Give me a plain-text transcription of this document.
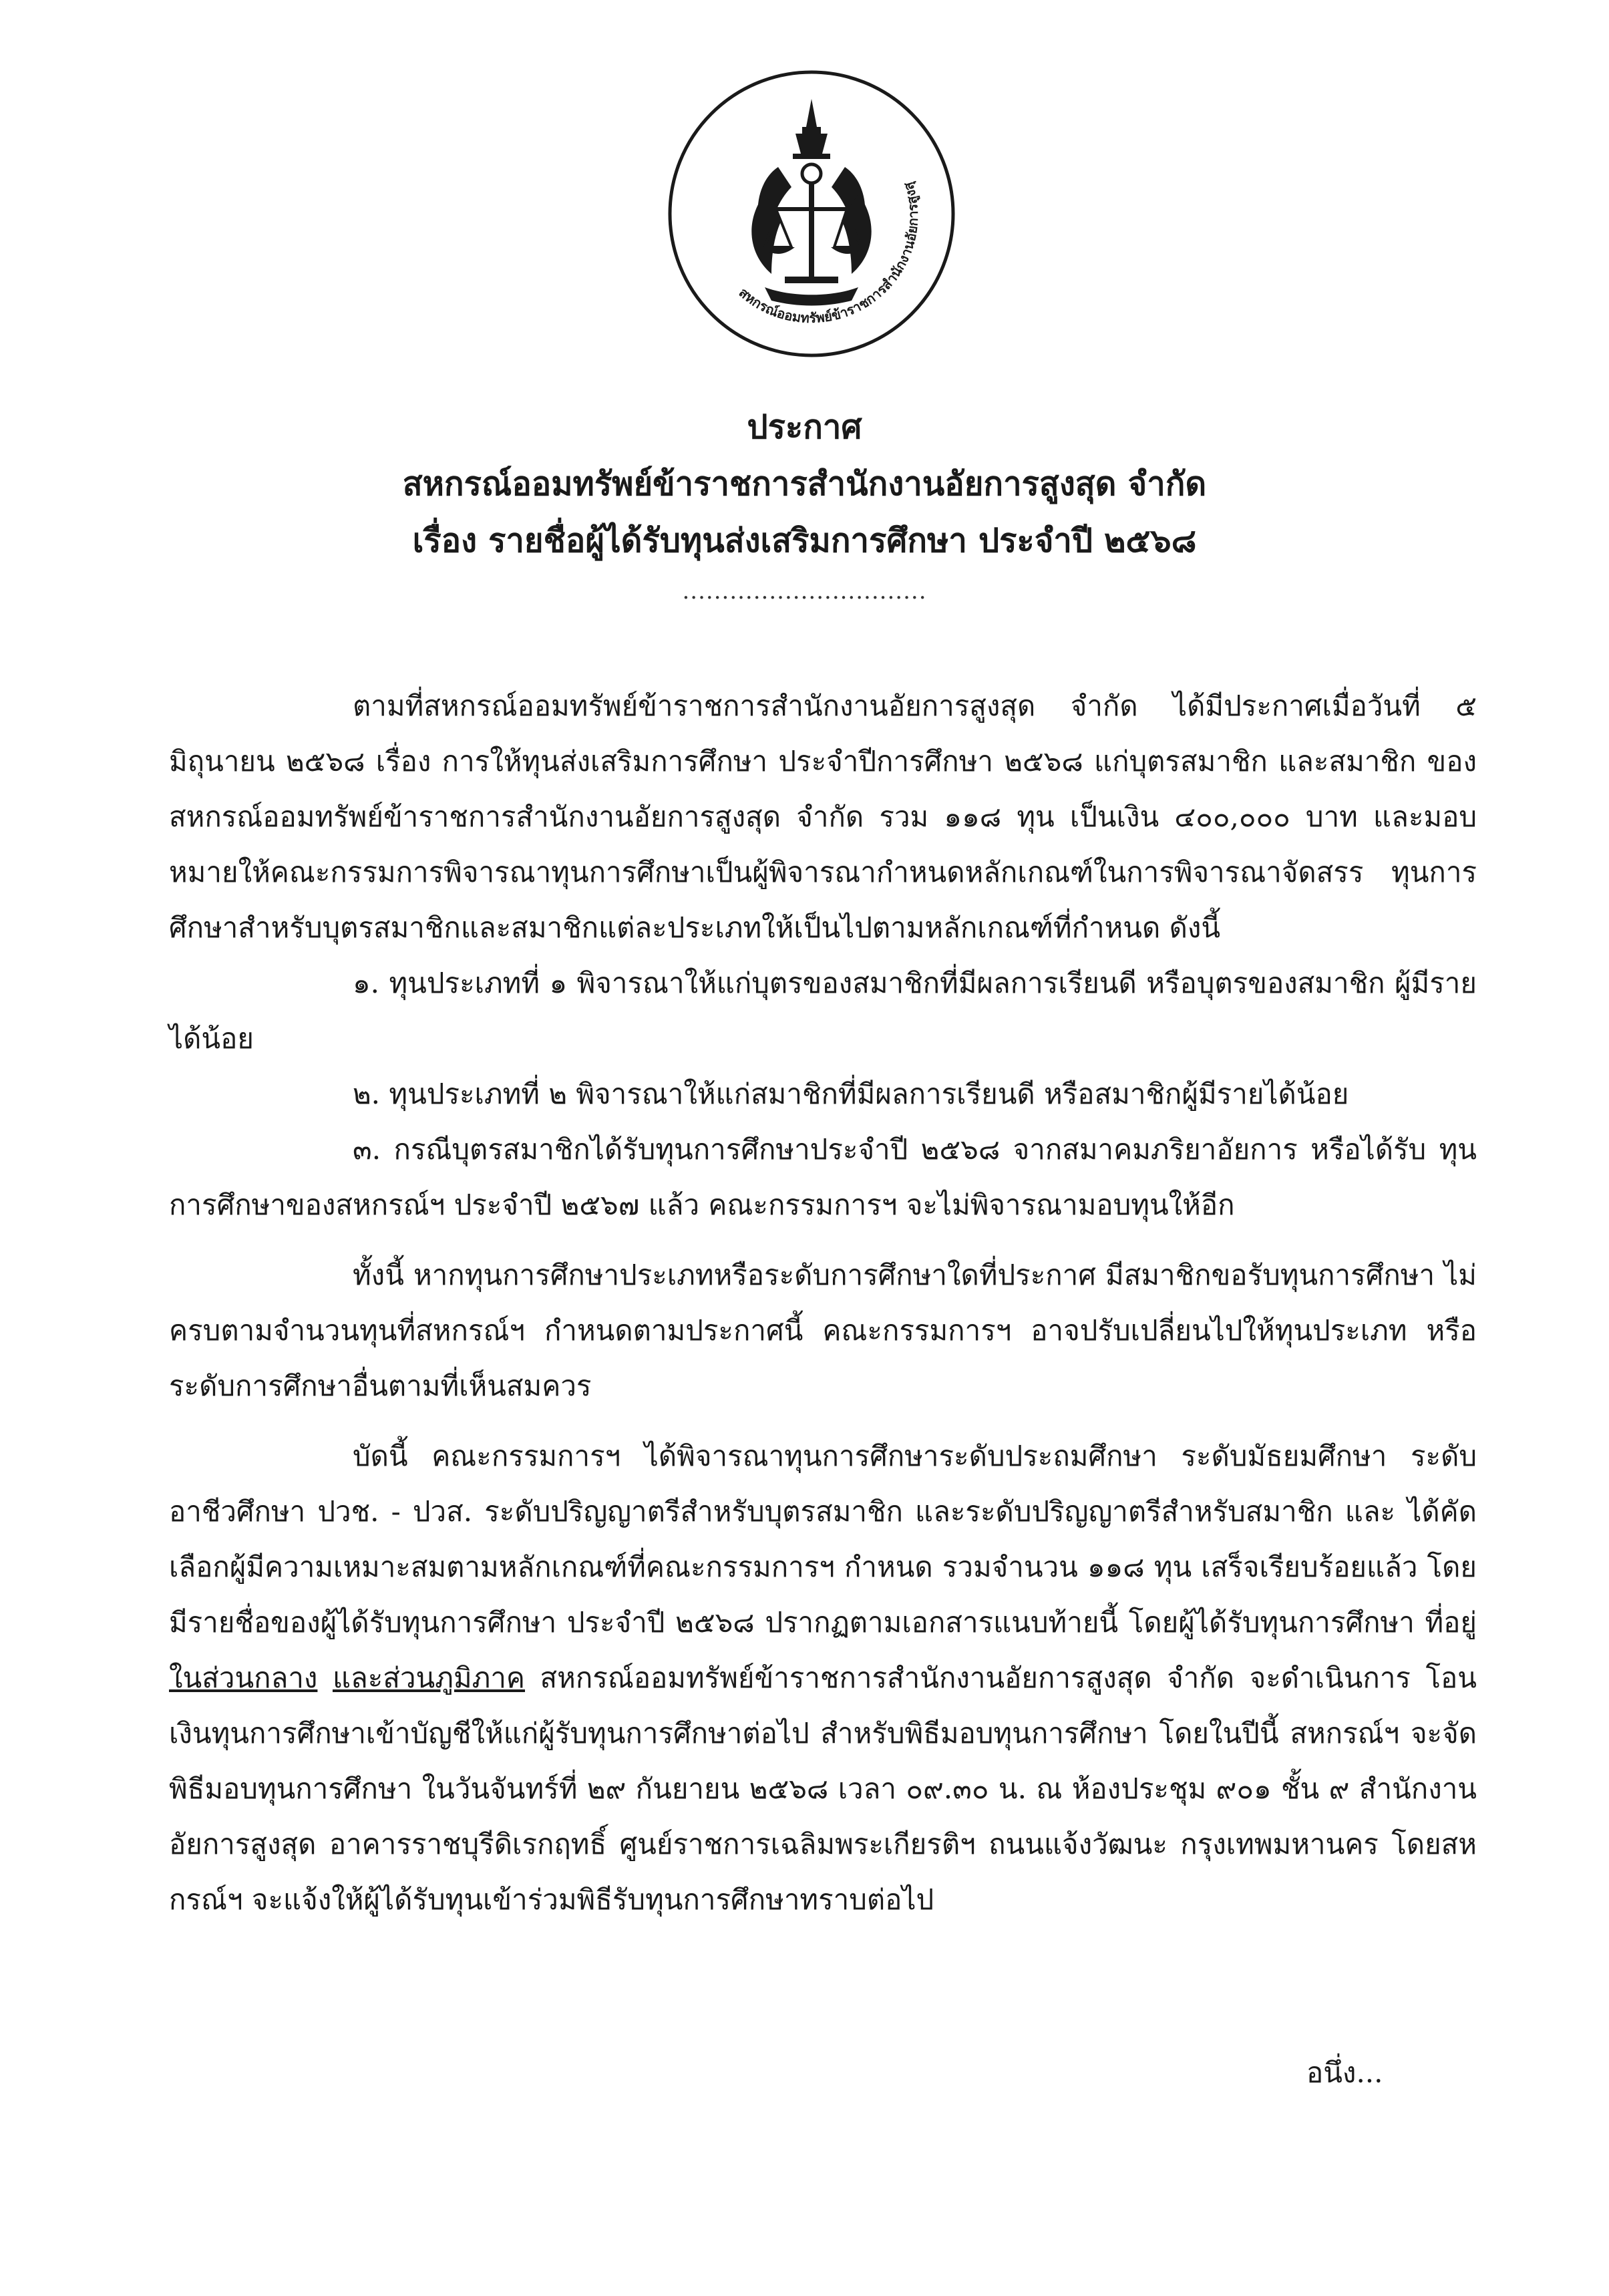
สหกรณ์ออมทรัพย์ข้าราชการสำนักงานอัยการสูงสุ
ประกาศ
สหกรณ์ออมทรัพย์ข้าราชการสำนักงานอัยการสูงสุด จำกัด
เรื่อง รายชื่อผู้ได้รับทุนส่งเสริมการศึกษา ประจำปี ๒๕๖๘
...............................

ตามที่สหกรณ์ออมทรัพย์ข้าราชการสำนักงานอัยการสูงสุด จำกัด ได้มีประกาศเมื่อวันที่ ๕ มิถุนายน ๒๕๖๘ เรื่อง การให้ทุนส่งเสริมการศึกษา ประจำปีการศึกษา ๒๕๖๘ แก่บุตรสมาชิก และสมาชิก ของสหกรณ์ออมทรัพย์ข้าราชการสำนักงานอัยการสูงสุด จำกัด รวม ๑๑๘ ทุน เป็นเงิน ๔๐๐,๐๐๐ บาท และมอบหมายให้คณะกรรมการพิจารณาทุนการศึกษาเป็นผู้พิจารณากำหนดหลักเกณฑ์ในการพิจารณาจัดสรร ทุนการศึกษาสำหรับบุตรสมาชิกและสมาชิกแต่ละประเภทให้เป็นไปตามหลักเกณฑ์ที่กำหนด ดังนี้

๑. ทุนประเภทที่ ๑ พิจารณาให้แก่บุตรของสมาชิกที่มีผลการเรียนดี หรือบุตรของสมาชิก ผู้มีรายได้น้อย

๒. ทุนประเภทที่ ๒ พิจารณาให้แก่สมาชิกที่มีผลการเรียนดี หรือสมาชิกผู้มีรายได้น้อย

๓. กรณีบุตรสมาชิกได้รับทุนการศึกษาประจำปี ๒๕๖๘ จากสมาคมภริยาอัยการ หรือได้รับ ทุนการศึกษาของสหกรณ์ฯ ประจำปี ๒๕๖๗ แล้ว คณะกรรมการฯ จะไม่พิจารณามอบทุนให้อีก

ทั้งนี้ หากทุนการศึกษาประเภทหรือระดับการศึกษาใดที่ประกาศ มีสมาชิกขอรับทุนการศึกษา ไม่ครบตามจำนวนทุนที่สหกรณ์ฯ กำหนดตามประกาศนี้ คณะกรรมการฯ อาจปรับเปลี่ยนไปให้ทุนประเภท หรือระดับการศึกษาอื่นตามที่เห็นสมควร

บัดนี้ คณะกรรมการฯ ได้พิจารณาทุนการศึกษาระดับประถมศึกษา ระดับมัธยมศึกษา ระดับอาชีวศึกษา ปวช. - ปวส. ระดับปริญญาตรีสำหรับบุตรสมาชิก และระดับปริญญาตรีสำหรับสมาชิก และ ได้คัดเลือกผู้มีความเหมาะสมตามหลักเกณฑ์ที่คณะกรรมการฯ กำหนด รวมจำนวน ๑๑๘ ทุน เสร็จเรียบร้อยแล้ว โดยมีรายชื่อของผู้ได้รับทุนการศึกษา ประจำปี ๒๕๖๘ ปรากฏตามเอกสารแนบท้ายนี้ โดยผู้ได้รับทุนการศึกษา ที่อยู่ในส่วนกลาง และส่วนภูมิภาค สหกรณ์ออมทรัพย์ข้าราชการสำนักงานอัยการสูงสุด จำกัด จะดำเนินการ โอนเงินทุนการศึกษาเข้าบัญชีให้แก่ผู้รับทุนการศึกษาต่อไป สำหรับพิธีมอบทุนการศึกษา โดยในปีนี้ สหกรณ์ฯ จะจัดพิธีมอบทุนการศึกษา ในวันจันทร์ที่ ๒๙ กันยายน ๒๕๖๘ เวลา ๐๙.๓๐ น. ณ ห้องประชุม ๙๐๑ ชั้น ๙ สำนักงานอัยการสูงสุด อาคารราชบุรีดิเรกฤทธิ์ ศูนย์ราชการเฉลิมพระเกียรติฯ ถนนแจ้งวัฒนะ กรุงเทพมหานคร โดยสหกรณ์ฯ จะแจ้งให้ผู้ได้รับทุนเข้าร่วมพิธีรับทุนการศึกษาทราบต่อไป

อนึ่ง...
